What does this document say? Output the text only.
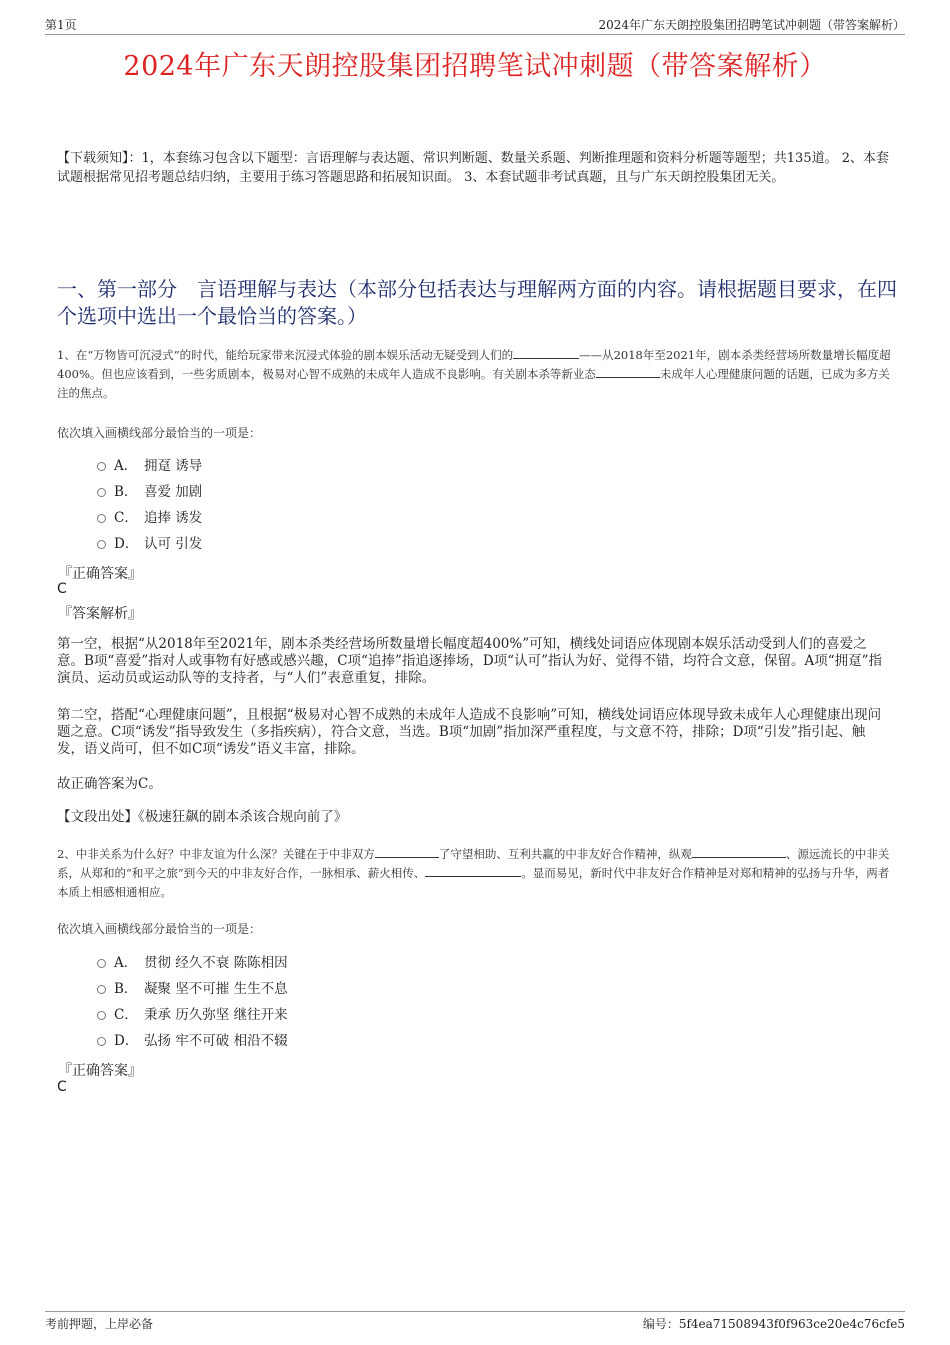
第1页	2024年广东天朗控股集团招聘笔试冲刺题（带答案解析）
2024年广东天朗控股集团招聘笔试冲刺题（带答案解析）
【下载须知】：1，本套练习包含以下题型：言语理解与表达题、常识判断题、数量关系题、判断推理题和资料分析题等题型；共135道。 2、本套试题根据常见招考题总结归纳，主要用于练习答题思路和拓展知识面。 3、本套试题非考试真题，且与广东天朗控股集团无关。
一、第一部分　言语理解与表达（本部分包括表达与理解两方面的内容。请根据题目要求，在四个选项中选出一个最恰当的答案。）
1、在“万物皆可沉浸式”的时代，能给玩家带来沉浸式体验的剧本娱乐活动无疑受到人们的	——从2018年至2021年，剧本杀类经营场所数量增长幅度超400%。但也应该看到，一些劣质剧本，极易对心智不成熟的未成年人造成不良影响。有关剧本杀等新业态	未成年人心理健康问题的话题，已成为多方关注的焦点。
依次填入画横线部分最恰当的一项是：
A． 拥趸 诱导
B． 喜爱 加剧
C． 追捧 诱发
D． 认可 引发
『正确答案』
C
『答案解析』
第一空，根据“从2018年至2021年，剧本杀类经营场所数量增长幅度超400%”可知，横线处词语应体现剧本娱乐活动受到人们的喜爱之意。B项“喜爱”指对人或事物有好感或感兴趣，C项“追捧”指追逐捧场，D项“认可”指认为好、觉得不错，均符合文意，保留。A项“拥趸”指演员、运动员或运动队等的支持者，与“人们”表意重复，排除。
第二空，搭配“心理健康问题”，且根据“极易对心智不成熟的未成年人造成不良影响”可知，横线处词语应体现导致未成年人心理健康出现问题之意。C项“诱发”指导致发生（多指疾病），符合文意，当选。B项“加剧”指加深严重程度，与文意不符，排除；D项“引发”指引起、触发，语义尚可，但不如C项“诱发”语义丰富，排除。
故正确答案为C。
【文段出处】《极速狂飙的剧本杀该合规向前了》
2、中非关系为什么好？中非友谊为什么深？关键在于中非双方	了守望相助、互利共赢的中非友好合作精神，纵观	、源远流长的中非关系，从郑和的“和平之旅”到今天的中非友好合作，一脉相承、薪火相传、	。显而易见，新时代中非友好合作精神是对郑和精神的弘扬与升华，两者本质上相感相通相应。
依次填入画横线部分最恰当的一项是：
A． 贯彻 经久不衰 陈陈相因
B． 凝聚 坚不可摧 生生不息
C． 秉承 历久弥坚 继往开来
D． 弘扬 牢不可破 相沿不辍
『正确答案』
C
考前押题，上岸必备	编号：5f4ea71508943f0f963ce20e4c76cfe5
